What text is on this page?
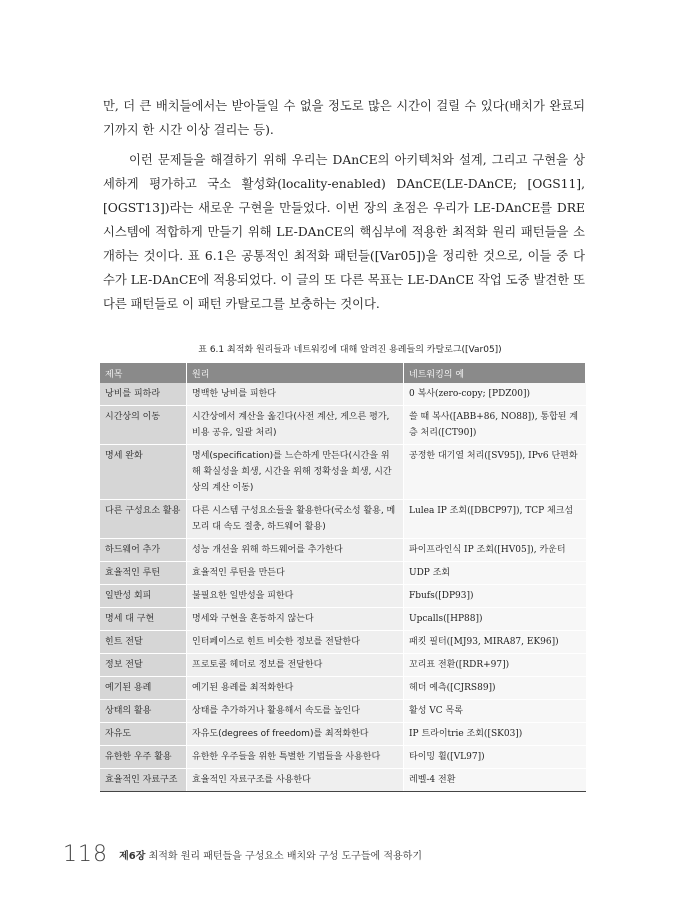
만, 더 큰 배치들에서는 받아들일 수 없을 정도로 많은 시간이 걸릴 수 있다(배치가 완료되기까지 한 시간 이상 걸리는 등).

이런 문제들을 해결하기 위해 우리는 DAnCE의 아키텍처와 설계, 그리고 구현을 상세하게 평가하고 국소 활성화(locality-enabled) DAnCE(LE-DAnCE; [OGS11], [OGST13])라는 새로운 구현을 만들었다. 이번 장의 초점은 우리가 LE-DAnCE를 DRE 시스템에 적합하게 만들기 위해 LE-DAnCE의 핵심부에 적용한 최적화 원리 패턴들을 소개하는 것이다. 표 6.1은 공통적인 최적화 패턴들([Var05])을 정리한 것으로, 이들 중 다수가 LE-DAnCE에 적용되었다. 이 글의 또 다른 목표는 LE-DAnCE 작업 도중 발견한 또 다른 패턴들로 이 패턴 카탈로그를 보충하는 것이다.

표 6.1 최적화 원리들과 네트워킹에 대해 알려진 용례들의 카탈로그([Var05])
제목	원리	네트워킹의 예
낭비를 피하라	명백한 낭비를 피한다	0 복사(zero-copy; [PDZ00])
시간상의 이동	시간상에서 계산을 옮긴다(사전 계산, 게으른 평가, 비용 공유, 일괄 처리)	쓸 때 복사([ABB+86, NO88]), 통합된 계층 처리([CT90])
명세 완화	명세(specification)를 느슨하게 만든다(시간을 위해 확실성을 희생, 시간을 위해 정확성을 희생, 시간상의 계산 이동)	공정한 대기열 처리([SV95]), IPv6 단편화
다른 구성요소 활용	다른 시스템 구성요소들을 활용한다(국소성 활용, 메모리 대 속도 절충, 하드웨어 활용)	Lulea IP 조회([DBCP97]), TCP 체크섬
하드웨어 추가	성능 개선을 위해 하드웨어를 추가한다	파이프라인식 IP 조회([HV05]), 카운터
효율적인 루틴	효율적인 루틴을 만든다	UDP 조회
일반성 회피	불필요한 일반성을 피한다	Fbufs([DP93])
명세 대 구현	명세와 구현을 혼동하지 않는다	Upcalls([HP88])
힌트 전달	인터페이스로 힌트 비슷한 정보를 전달한다	패킷 필터([MJ93, MIRA87, EK96])
정보 전달	프로토콜 헤더로 정보를 전달한다	꼬리표 전환([RDR+97])
예기된 용례	예기된 용례를 최적화한다	헤더 예측([CJRS89])
상태의 활용	상태를 추가하거나 활용해서 속도를 높인다	활성 VC 목록
자유도	자유도(degrees of freedom)를 최적화한다	IP 트라이trie 조회([SK03])
유한한 우주 활용	유한한 우주들을 위한 특별한 기법들을 사용한다	타이밍 휠([VL97])
효율적인 자료구조	효율적인 자료구조를 사용한다	레벨-4 전환
118 제6장 최적화 원리 패턴들을 구성요소 배치와 구성 도구들에 적용하기
